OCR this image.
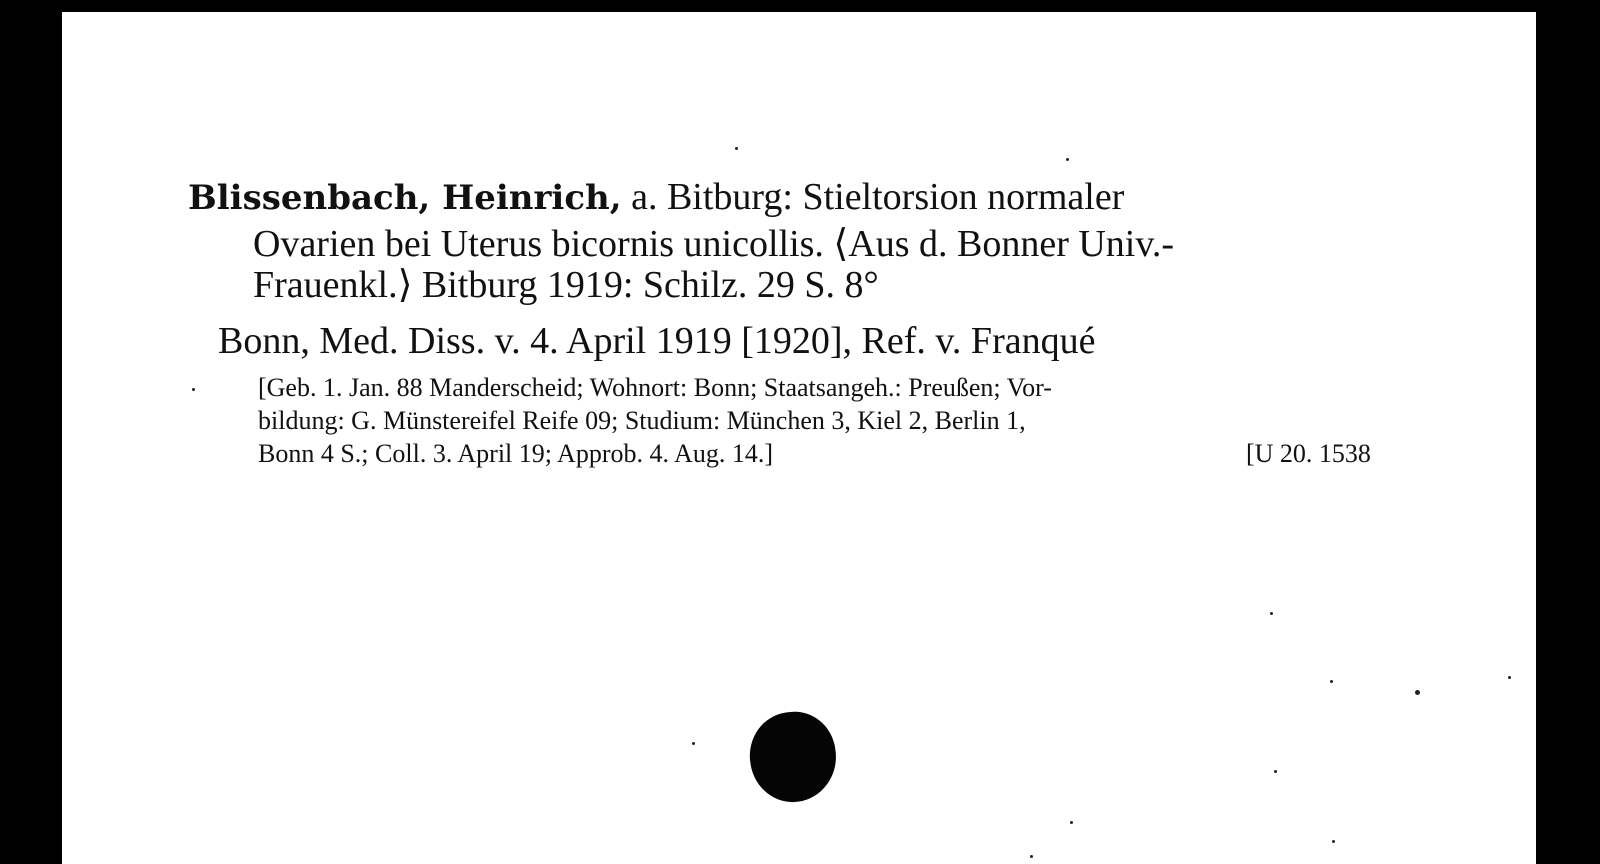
Blissenbach, Heinrich, a. Bitburg: Stieltorsion normaler
Ovarien bei Uterus bicornis unicollis. ⟨Aus d. Bonner Univ.-
Frauenkl.⟩ Bitburg 1919: Schilz. 29 S. 8°
Bonn, Med. Diss. v. 4. April 1919 [1920], Ref. v. Franqué
[Geb. 1. Jan. 88 Manderscheid; Wohnort: Bonn; Staatsangeh.: Preußen; Vor-
bildung: G. Münstereifel Reife 09; Studium: München 3, Kiel 2, Berlin 1,
Bonn 4 S.; Coll. 3. April 19; Approb. 4. Aug. 14.]	[U 20. 1538
